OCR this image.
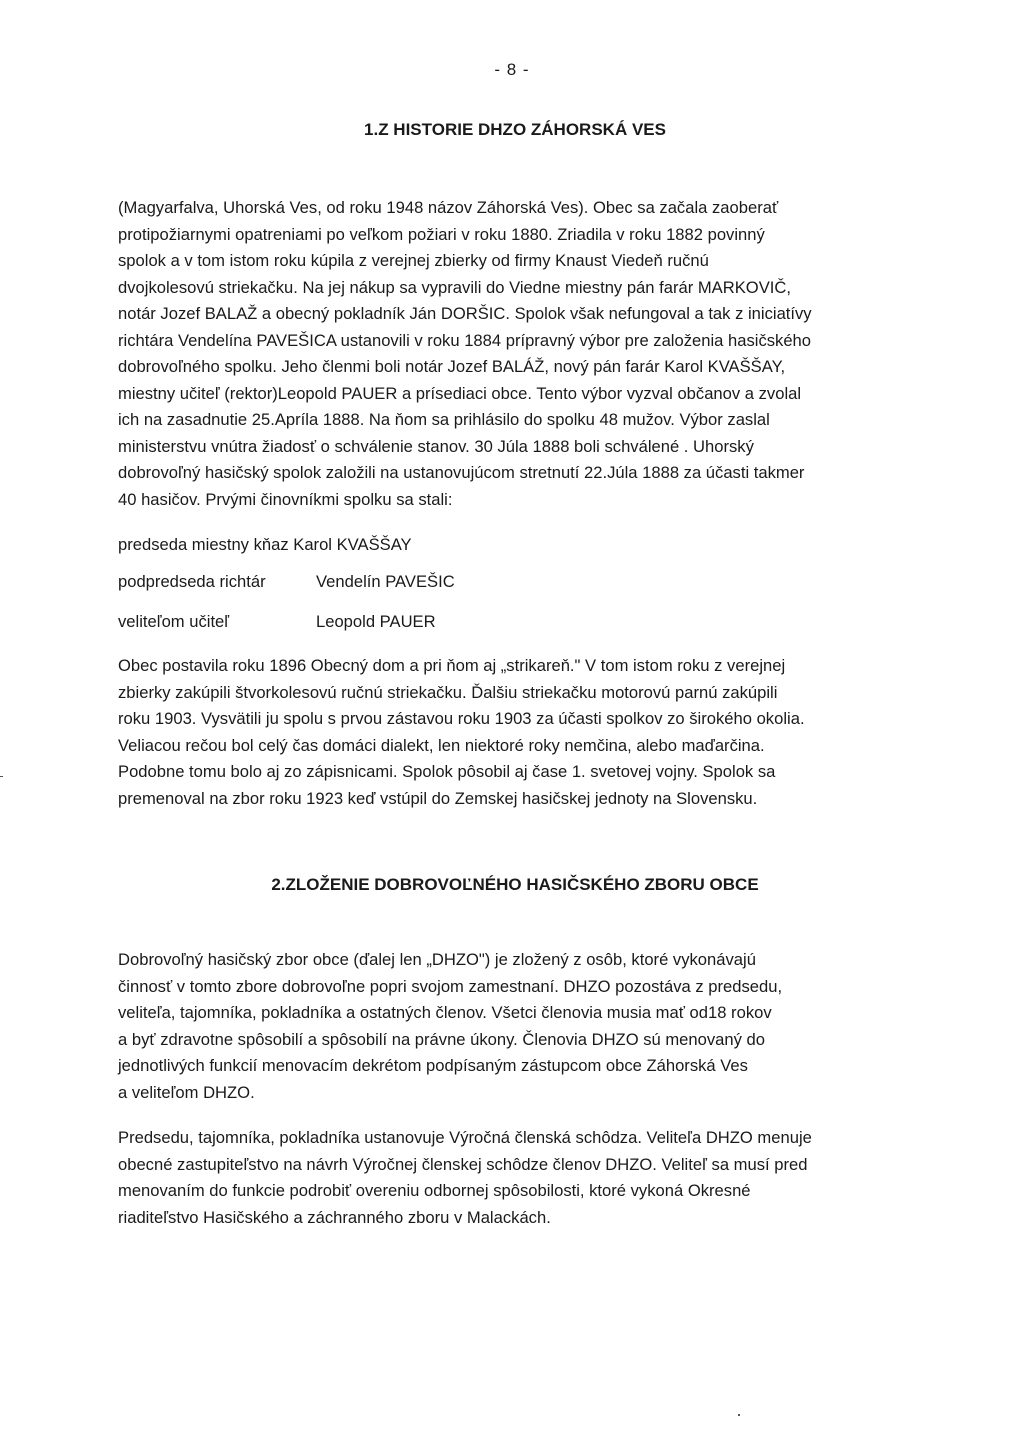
- 8 -
1.Z HISTORIE DHZO ZÁHORSKÁ VES
(Magyarfalva, Uhorská Ves, od roku 1948 názov Záhorská Ves). Obec sa začala zaoberať
protipožiarnymi opatreniami po veľkom požiari v roku 1880. Zriadila v roku 1882 povinný
spolok a v tom istom roku kúpila z verejnej zbierky od firmy Knaust Viedeň ručnú
dvojkolesovú striekačku. Na jej nákup sa vypravili do Viedne miestny pán farár MARKOVIČ,
notár Jozef BALAŽ a obecný pokladník Ján DORŠIC. Spolok však nefungoval a tak z iniciatívy
richtára Vendelína PAVEŠICA ustanovili v roku 1884 prípravný výbor pre založenia hasičského
dobrovoľného spolku. Jeho členmi boli notár Jozef BALÁŽ, nový pán farár Karol KVAŠŠAY,
miestny učiteľ (rektor)Leopold PAUER a prísediaci obce. Tento výbor vyzval občanov a zvolal
ich na zasadnutie 25.Apríla 1888. Na ňom sa prihlásilo do spolku 48 mužov. Výbor zaslal
ministerstvu vnútra žiadosť o schválenie stanov. 30 Júla 1888 boli schválené . Uhorský
dobrovoľný hasičský spolok založili na ustanovujúcom stretnutí 22.Júla 1888 za účasti takmer
40 hasičov. Prvými činovníkmi spolku sa stali:
predseda miestny kňaz Karol KVAŠŠAY
podpredseda richtár	Vendelín PAVEŠIC
veliteľom učiteľ	Leopold PAUER
Obec postavila roku 1896 Obecný dom a pri ňom aj „strikareň." V tom istom roku z verejnej
zbierky zakúpili štvorkolesovú ručnú striekačku. Ďalšiu striekačku motorovú parnú zakúpili
roku 1903. Vysvätili ju spolu s prvou zástavou roku 1903 za účasti spolkov zo širokého okolia.
Veliacou rečou bol celý čas domáci dialekt, len niektoré roky nemčina, alebo maďarčina.
Podobne tomu bolo aj zo zápisnicami. Spolok pôsobil aj čase 1. svetovej vojny. Spolok sa
premenoval na zbor roku 1923 keď vstúpil do Zemskej hasičskej jednoty na Slovensku.
2.ZLOŽENIE DOBROVOĽNÉHO HASIČSKÉHO ZBORU OBCE
Dobrovoľný hasičský zbor obce (ďalej len „DHZO") je zložený z osôb, ktoré vykonávajú
činnosť v tomto zbore dobrovoľne popri svojom zamestnaní. DHZO pozostáva z predsedu,
veliteľa, tajomníka, pokladníka a ostatných členov. Všetci členovia musia mať od18 rokov
a byť zdravotne spôsobilí a spôsobilí na právne úkony. Členovia DHZO sú menovaný do
jednotlivých funkcií menovacím dekrétom podpísaným zástupcom obce Záhorská Ves
a veliteľom DHZO.
Predsedu, tajomníka, pokladníka ustanovuje Výročná členská schôdza. Veliteľa DHZO menuje
obecné zastupiteľstvo na návrh Výročnej členskej schôdze členov DHZO. Veliteľ sa musí pred
menovaním do funkcie podrobiť overeniu odbornej spôsobilosti, ktoré vykoná Okresné
riaditeľstvo Hasičského a záchranného zboru v Malackách.
